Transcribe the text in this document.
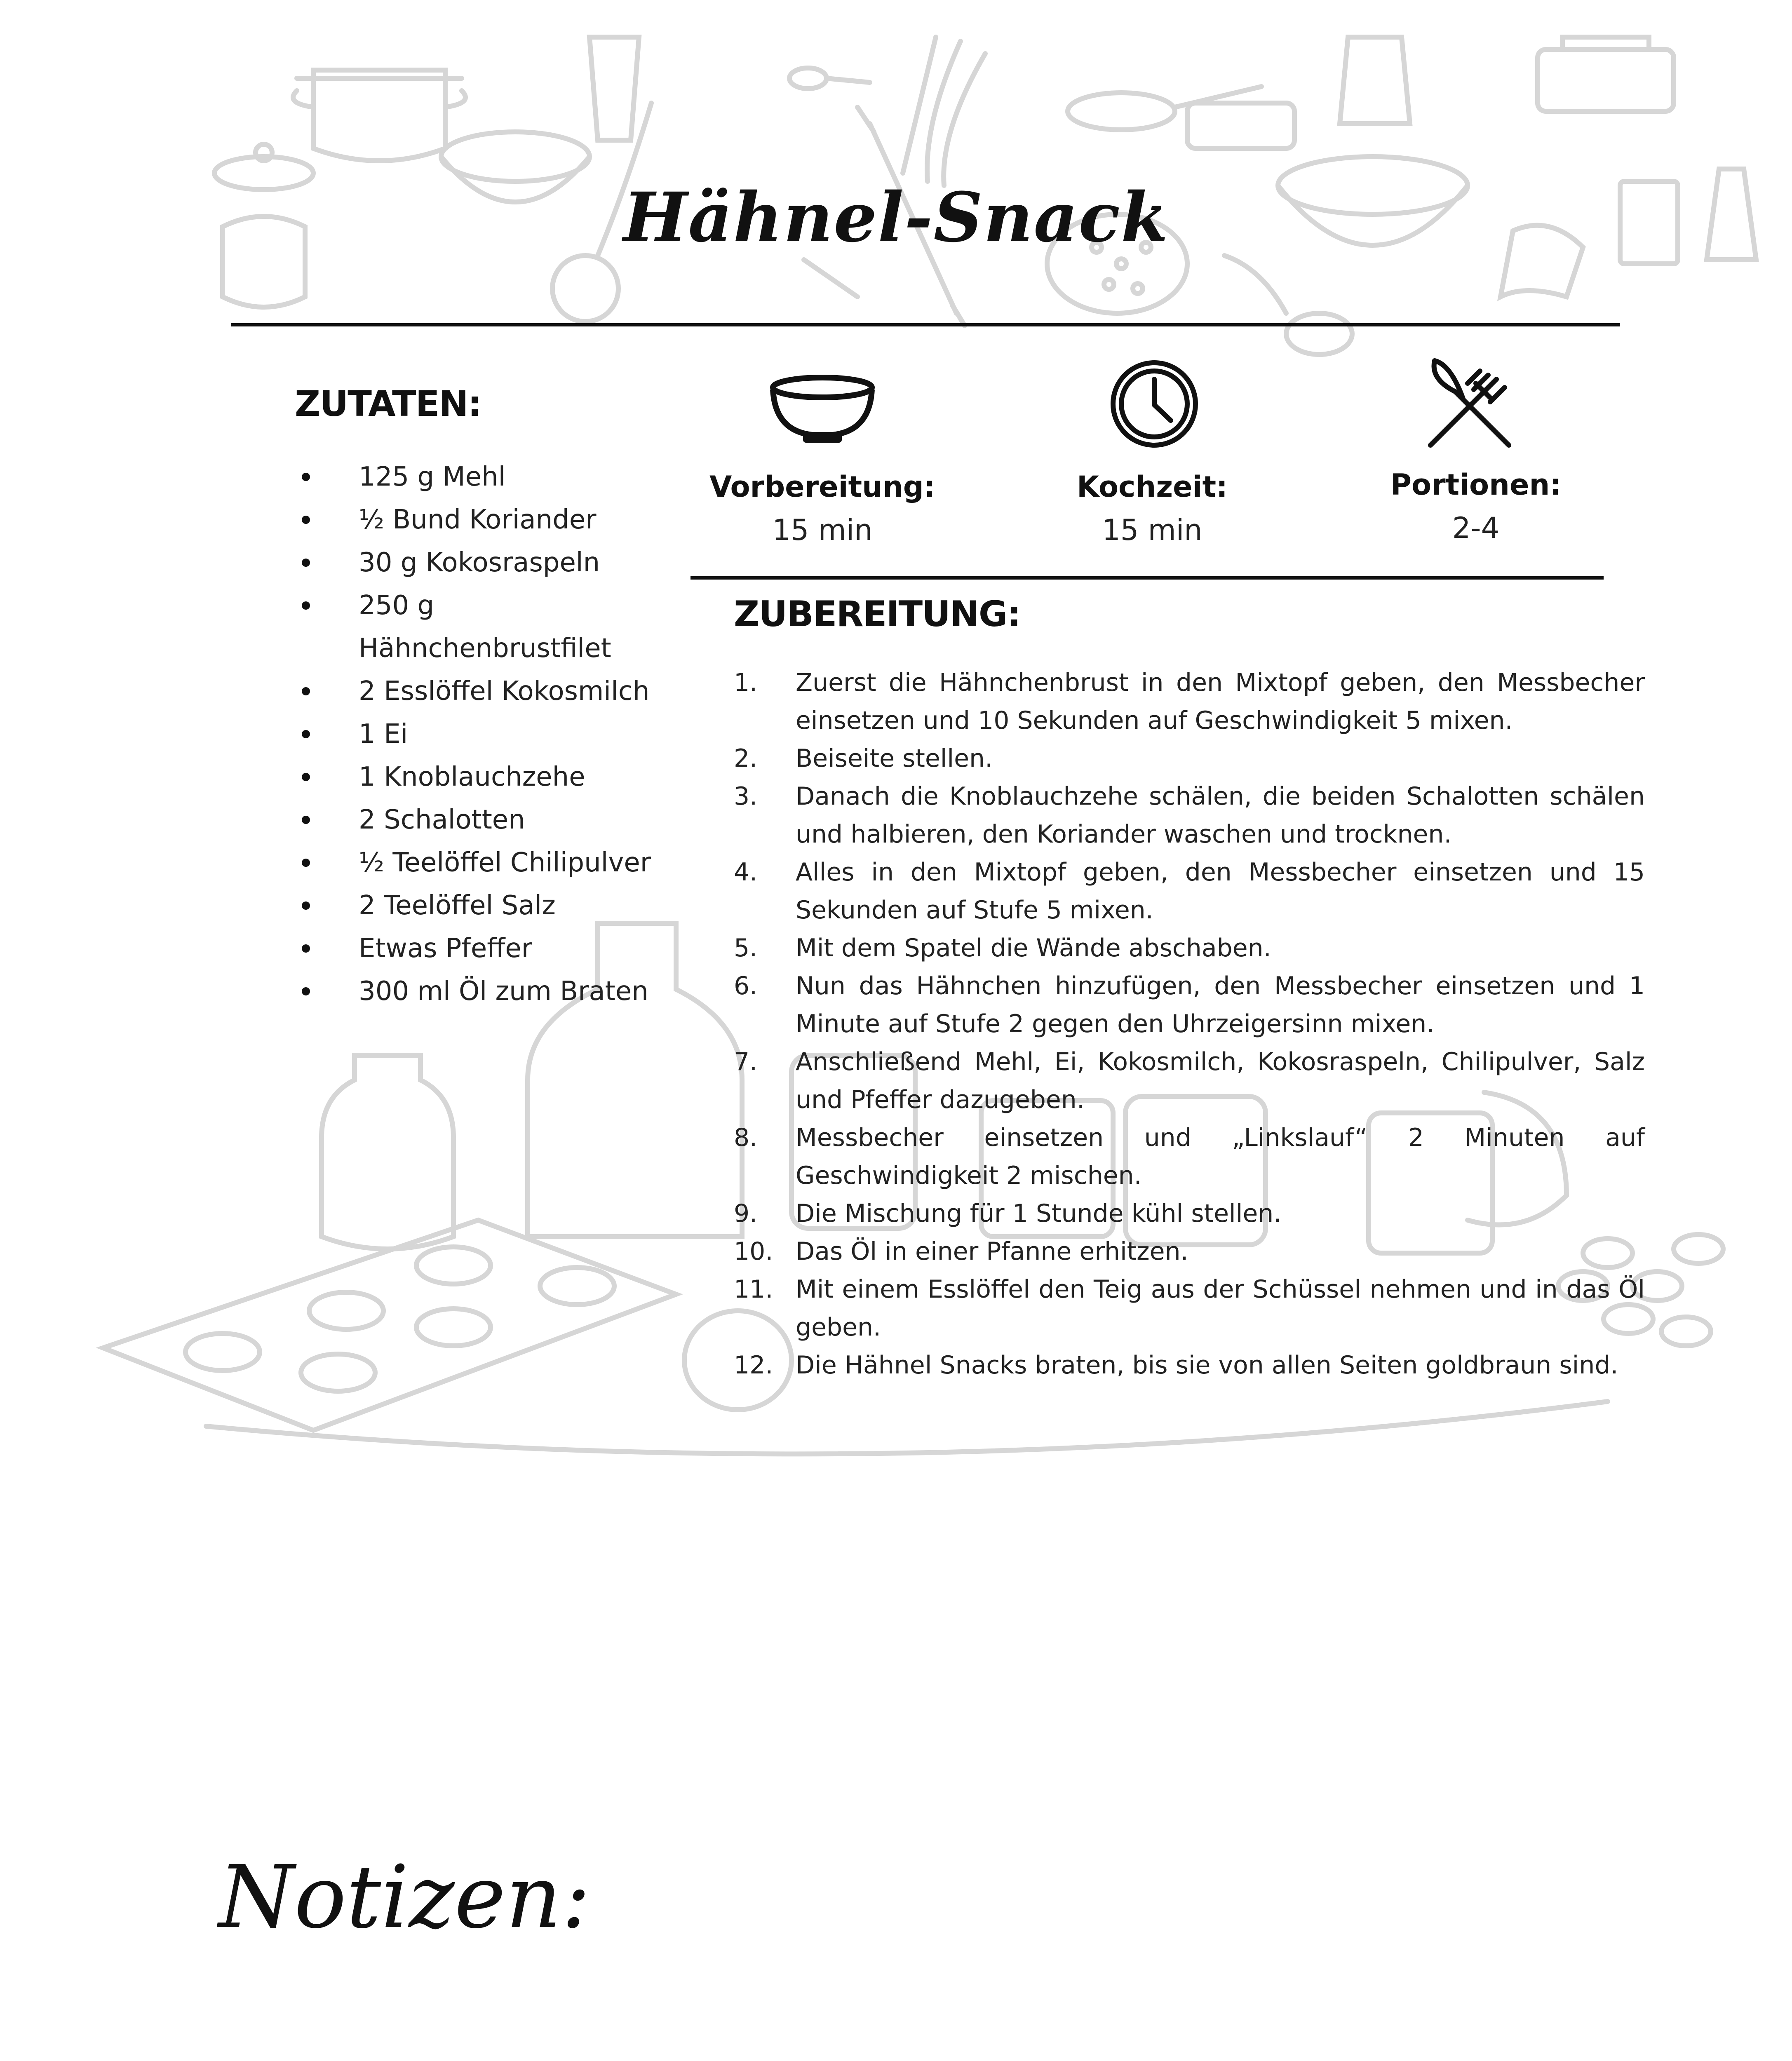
Hähnel-Snack
ZUTATEN:
125 g Mehl
½ Bund Koriander
30 g Kokosraspeln
250 g Hähnchenbrustfilet
2 Esslöffel Kokosmilch
1 Ei
1 Knoblauchzehe
2 Schalotten
½ Teelöffel Chilipulver
2 Teelöffel Salz
Etwas Pfeffer
300 ml Öl zum Braten
Vorbereitung:
15 min
Kochzeit:
15 min
Portionen:
2-4
ZUBEREITUNG:
1. Zuerst die Hähnchenbrust in den Mixtopf geben, den Messbecher einsetzen und 10 Sekunden auf Geschwindigkeit 5 mixen.
2. Beiseite stellen.
3. Danach die Knoblauchzehe schälen, die beiden Schalotten schälen und halbieren, den Koriander waschen und trocknen.
4. Alles in den Mixtopf geben, den Messbecher einsetzen und 15 Sekunden auf Stufe 5 mixen.
5. Mit dem Spatel die Wände abschaben.
6. Nun das Hähnchen hinzufügen, den Messbecher einsetzen und 1 Minute auf Stufe 2 gegen den Uhrzeigersinn mixen.
7. Anschließend Mehl, Ei, Kokosmilch, Kokosraspeln, Chilipulver, Salz und Pfeffer dazugeben.
8. Messbecher einsetzen und „Linkslauf“ 2 Minuten auf Geschwindigkeit 2 mischen.
9. Die Mischung für 1 Stunde kühl stellen.
10. Das Öl in einer Pfanne erhitzen.
11. Mit einem Esslöffel den Teig aus der Schüssel nehmen und in das Öl geben.
12. Die Hähnel Snacks braten, bis sie von allen Seiten goldbraun sind.
Notizen:
